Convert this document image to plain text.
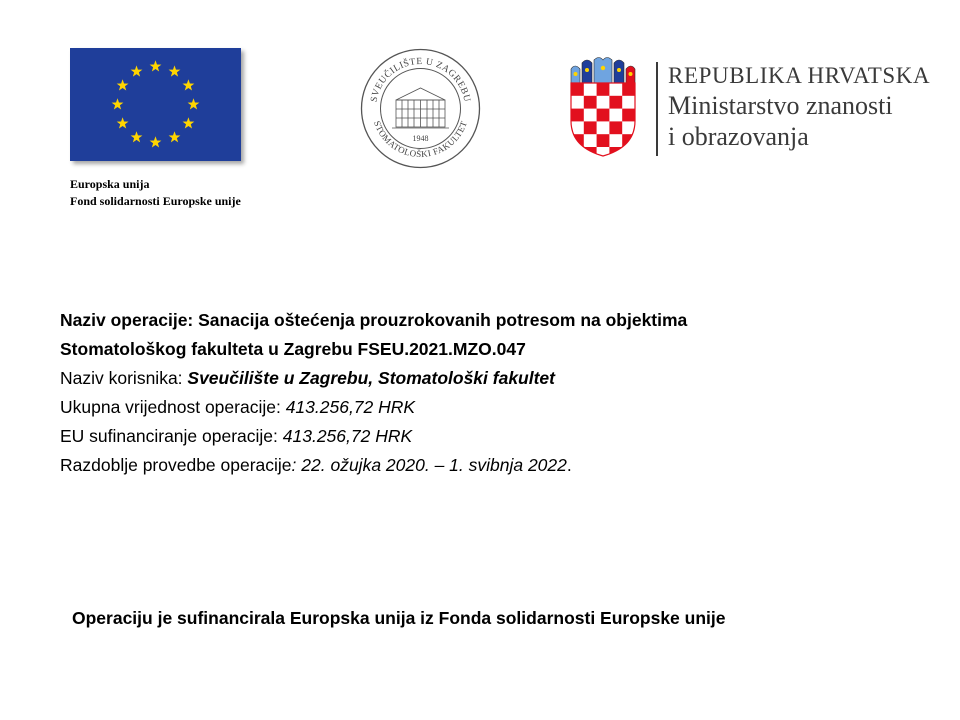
Europska unija
Fond solidarnosti Europske unije
SVEUČILIŠTE U ZAGREBU
STOMATOLOŠKI FAKULTET
1948
REPUBLIKA HRVATSKA
Ministarstvo znanosti
i obrazovanja
Naziv operacije: Sanacija oštećenja prouzrokovanih potresom na objektima
Stomatološkog fakulteta u Zagrebu FSEU.2021.MZO.047
Naziv korisnika: Sveučilište u Zagrebu, Stomatološki fakultet
Ukupna vrijednost operacije: 413.256,72 HRK
EU sufinanciranje operacije: 413.256,72 HRK
Razdoblje provedbe operacije: 22. ožujka 2020. – 1. svibnja 2022.
Operaciju je sufinancirala Europska unija iz Fonda solidarnosti Europske unije
